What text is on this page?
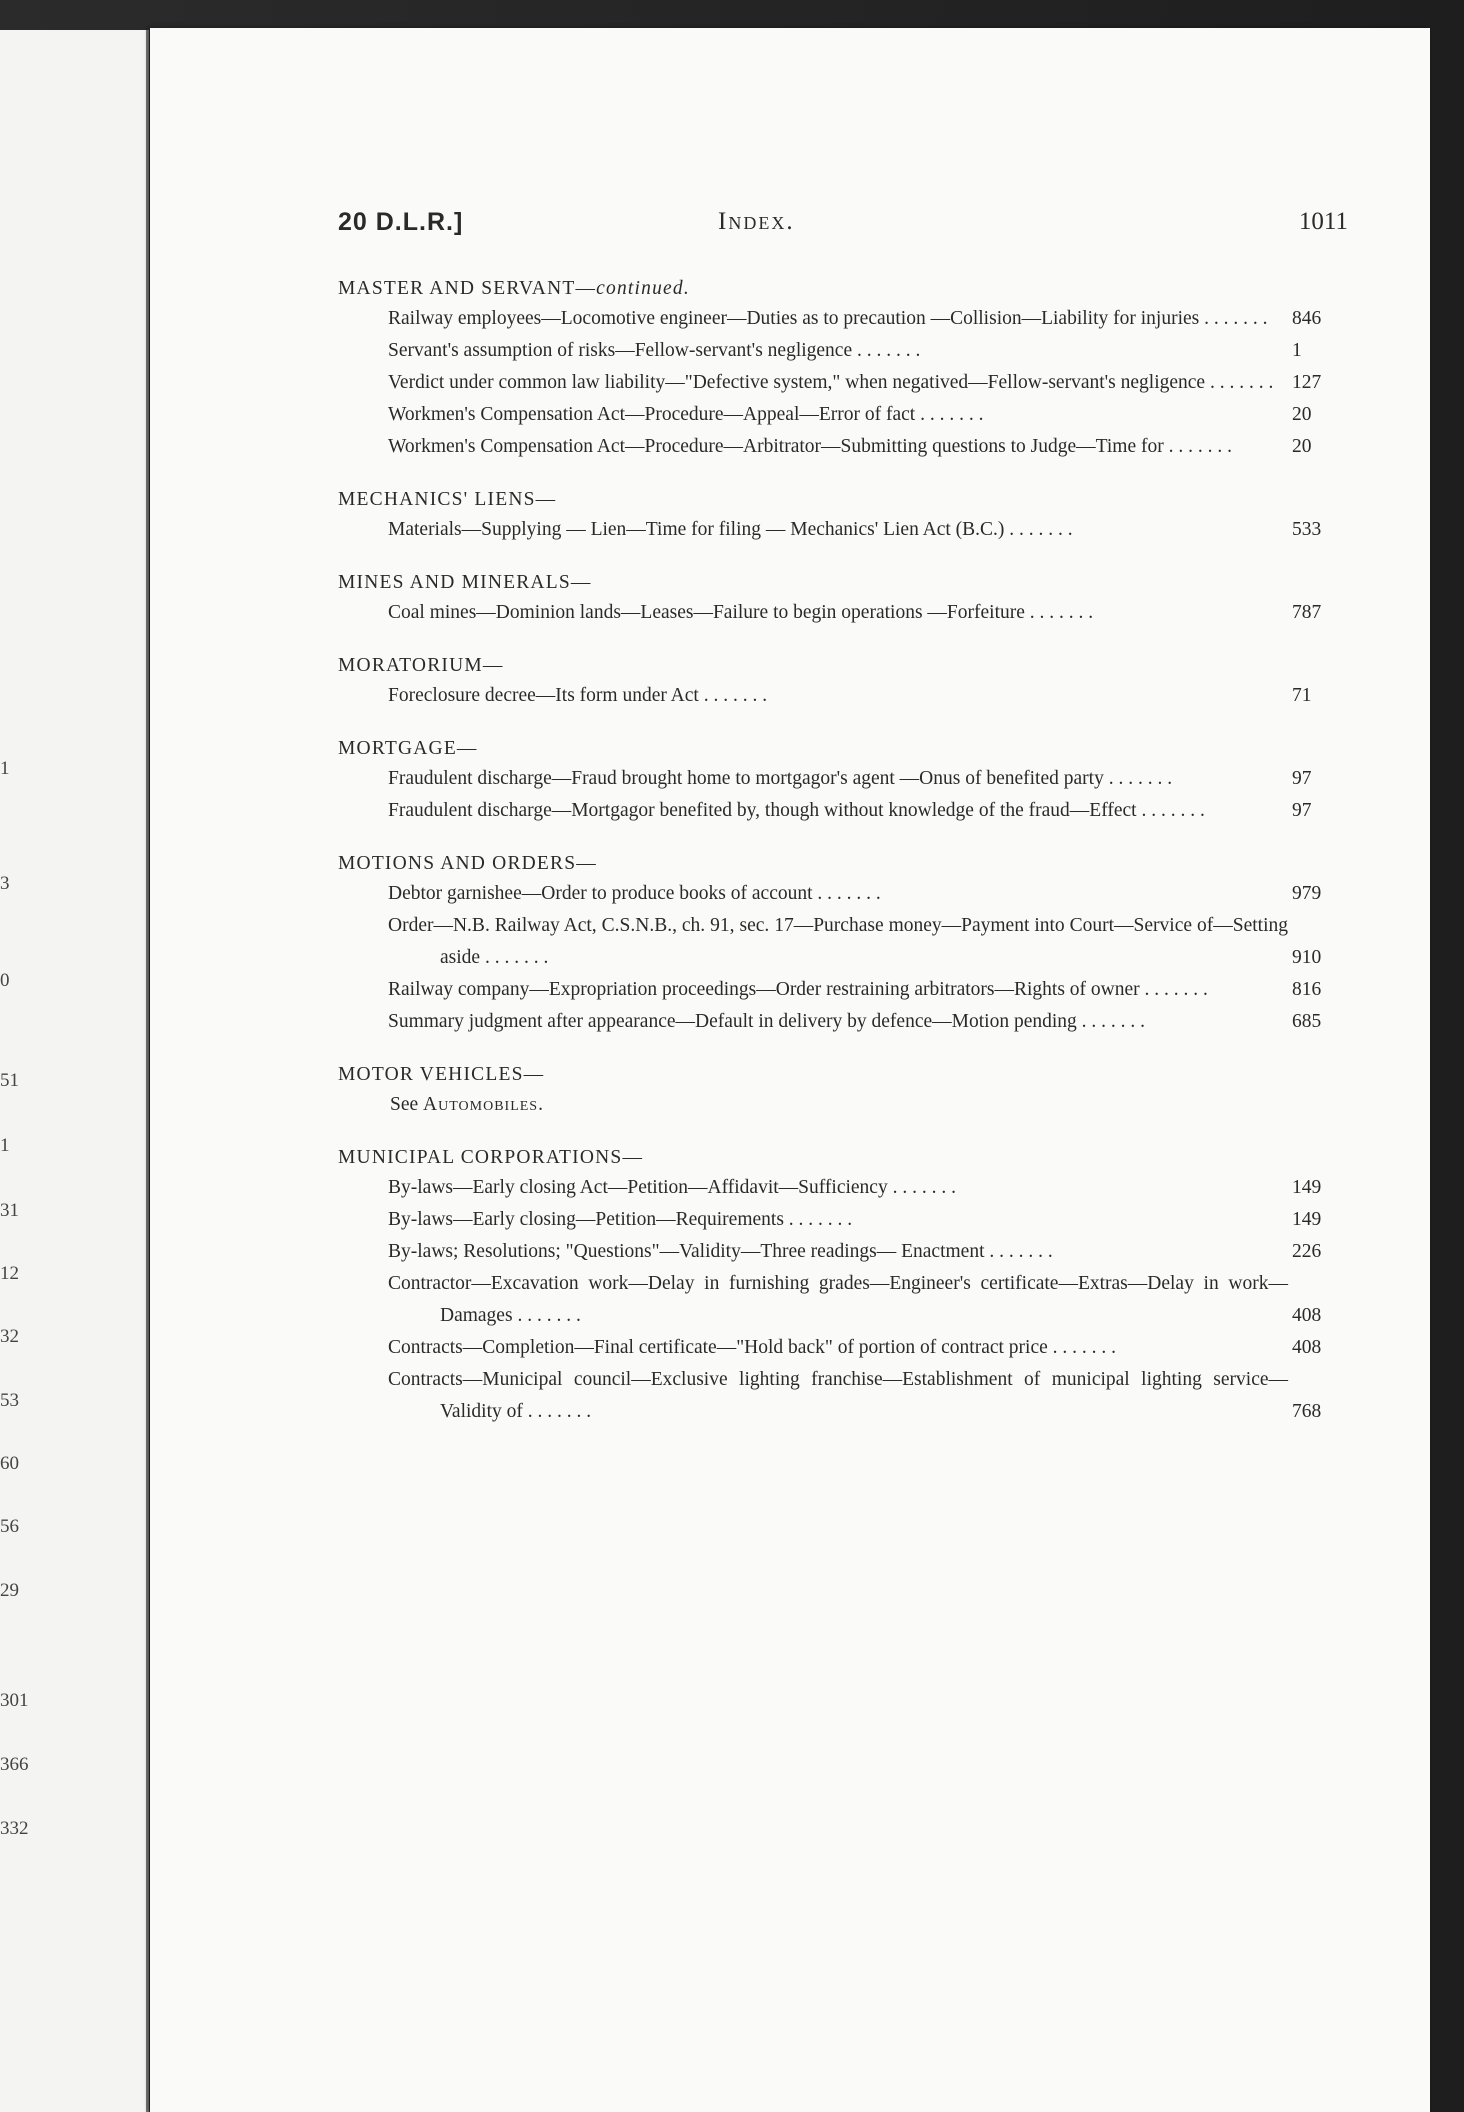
1
3
0
51
1
31
12
32
53
60
56
29
301
366
332
20 D.L.R.]	Index.	1011
MASTER AND SERVANT—continued.
Railway employees—Locomotive engineer—Duties as to precaution —Collision—Liability for injuries . . . . . . . 846
Servant's assumption of risks—Fellow-servant's negligence . . . . . . .	1
Verdict under common law liability—"Defective system," when negatived—Fellow-servant's negligence . . . . . . . 127
Workmen's Compensation Act—Procedure—Appeal—Error of fact . . . . . . .	20
Workmen's Compensation Act—Procedure—Arbitrator—Submitting questions to Judge—Time for . . . . . . .	20
MECHANICS' LIENS—
Materials—Supplying — Lien—Time for filing — Mechanics' Lien Act (B.C.) . . . . . . .	533
MINES AND MINERALS—
Coal mines—Dominion lands—Leases—Failure to begin operations —Forfeiture . . . . . . .	787
MORATORIUM—
Foreclosure decree—Its form under Act . . . . . . .	71
MORTGAGE—
Fraudulent discharge—Fraud brought home to mortgagor's agent —Onus of benefited party . . . . . . .	97
Fraudulent discharge—Mortgagor benefited by, though without knowledge of the fraud—Effect . . . . . . .	97
MOTIONS AND ORDERS—
Debtor garnishee—Order to produce books of account . . . . . . .	979
Order—N.B. Railway Act, C.S.N.B., ch. 91, sec. 17—Purchase money—Payment into Court—Service of—Setting aside . . . . . . .	910
Railway company—Expropriation proceedings—Order restraining arbitrators—Rights of owner . . . . . . .	816
Summary judgment after appearance—Default in delivery by defence—Motion pending . . . . . . .	685
MOTOR VEHICLES—
See Automobiles.
MUNICIPAL CORPORATIONS—
By-laws—Early closing Act—Petition—Affidavit—Sufficiency . . . . . . .	149
By-laws—Early closing—Petition—Requirements . . . . . . .	149
By-laws; Resolutions; "Questions"—Validity—Three readings— Enactment . . . . . . .	226
Contractor—Excavation work—Delay in furnishing grades—Engineer's certificate—Extras—Delay in work—Damages . . . . . . .	408
Contracts—Completion—Final certificate—"Hold back" of portion of contract price . . . . . . .	408
Contracts—Municipal council—Exclusive lighting franchise—Establishment of municipal lighting service—Validity of . . . . . . .	768
